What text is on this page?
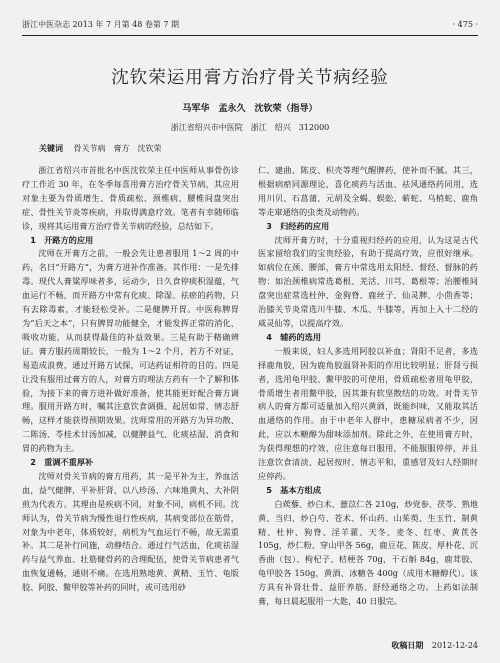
浙江中医杂志 2013 年 7 月第 48 卷第 7 期	· 475 ·
沈钦荣运用膏方治疗骨关节病经验
马军华　孟永久　沈钦荣（指导）
浙江省绍兴市中医院　浙江　绍兴　312000
关键词 骨关节病　膏方　沈钦荣

浙江省绍兴市首批名中医沈钦荣主任中医师从事骨伤诊疗工作近 30 年，在冬季每喜用膏方治疗骨关节病，其应用对象主要为骨质增生、骨质疏松、颈椎病、腰椎间盘突出症、骨性关节炎等疾病，并取得满意疗效。笔者有幸随师临诊，现将其运用膏方治疗骨关节病的经验，总结如下。

1　开路方的应用

沈师在开膏方之前，一般会先让患者服用 1～2 周的中药，名曰“开路方”，为膏方进补作准备。其作用：一是先排毒。现代人膏粱厚味者多，运动少，日久食停痰积湿蕴，气血运行不畅，而开路方中常有化痰、除湿、祛瘀的药物，只有去除毒素，才能轻松受补。二是健脾开胃。中医称脾胃为“后天之本”，只有脾胃功能健全，才能发挥正常的消化、吸收功能，从而获得最佳的补益效果。三是有助于精确辨证。膏方服药周期较长，一般为 1～2 个月，若方不对证，易造成浪费，通过开路方试探，可达药证相符的目的。四是让没有服用过膏方的人，对膏方的理法方药有一个了解和体验，为接下来的膏方进补做好准备，使其能更好配合膏方调理。服用开路方时，嘱其注意饮食调摄、起居如常、情志舒畅，这样才能获得预期效果。沈师常用的开路方为异功散、二陈汤、苓桂术甘汤加减，以健脾益气、化痰祛湿、消食和胃的药物为主。

2　重调不重厚补

沈师对骨关节病的膏方用药，其一是平补为主，养血活血，益气健脾，平补肝肾，以八珍汤、六味地黄丸、大补阴煎为代表方。其理由是疾病不同，对象不同，病机不同。沈师认为，骨关节病为慢性退行性疾病，其病变部位在筋骨，对象为中老年，体质较好，病机为气血运行不畅，故无需重补。其二是补行同施，动静结合。通过行气活血，化痰祛湿药与益气养血、壮筋健骨药的合理配伍，使骨关节病患者气血恢复通畅，通则不痛。在选用熟地黄、黄精、玉竹、龟版胶、阿胶、鳖甲胶等补药的同时，或可选用砂

仁、建曲、陈皮、枳壳等理气醒脾药，使补而不腻。其三，根据病瘀同源理论，喜化痰药与活血、祛风通络药同用，选用川贝、石菖蒲、元胡及全蝎、蜈蚣、蕲蛇、乌梢蛇、鹿角等走窜通络的虫类及动物药。

3　归经药的应用

沈师开膏方时，十分重视归经药的应用，认为这是古代医家留给我们的宝贵经验，有助于提高疗效，应很好继承。如病位在颈、腰部，膏方中常选用太阳经、督经、督脉的药物：如治颈椎病常选葛根、羌活、川芎、葛根等；治腰椎间盘突出症常选杜仲、金狗脊、鹿丝子、仙灵脾、小茴香等；治膝关节炎常选川牛膝、木瓜、牛膝等，再加上入十二经的威灵仙等，以提高疗效。

4　辅药的选用

一般来说，妇人多选用阿胶以补血；肾阳不足者，多选择鹿角胶，因为鹿角胶温肾补阳的作用比较明显；肝肾亏损者，选用龟甲胶、鳖甲胶的可使用，骨质疏松者用龟甲胶，骨质增生者用鳖甲胶，因其兼有软坚散结的功效。对骨关节病人的膏方都可适量加入绍兴黄酒，既能纠味，又能取其活血通络的作用。由于中老年人群中，患糖尿病者不少，因此，应以木糖醇为甜味添加剂。除此之外，在使用膏方时，为获得理想的疗效，应注意每日服用，不能服服停停，并且注意饮食清淡、起居按时、情志平和，重感冒及妇人经期时应停药。

5　基本方组成

白蒺藜、炒白术、薏苡仁各 210g，炒党参、茯苓、熟地黄、当归、炒白芍、苍术、怀山药、山茱萸、生玉竹、制黄精、杜仲、狗脊、淫羊藿、天冬、麦冬、红枣、黄芪各 105g，炒仁粉、穿山甲各 56g，鹿豆花、陈皮、厚朴花、沉香曲（包）、枸杞子、桔梗各 70g，干石斛 84g，鹿茸胶、龟甲胶各 150g，黄酒、冰糖各 400g（成用木糖醇代）。该方具有补肾壮骨、益肝养筋、舒经通络之功。上药如法制膏，每日晨起服用一大匙，40 日服完。

收稿日期 2012-12-24
